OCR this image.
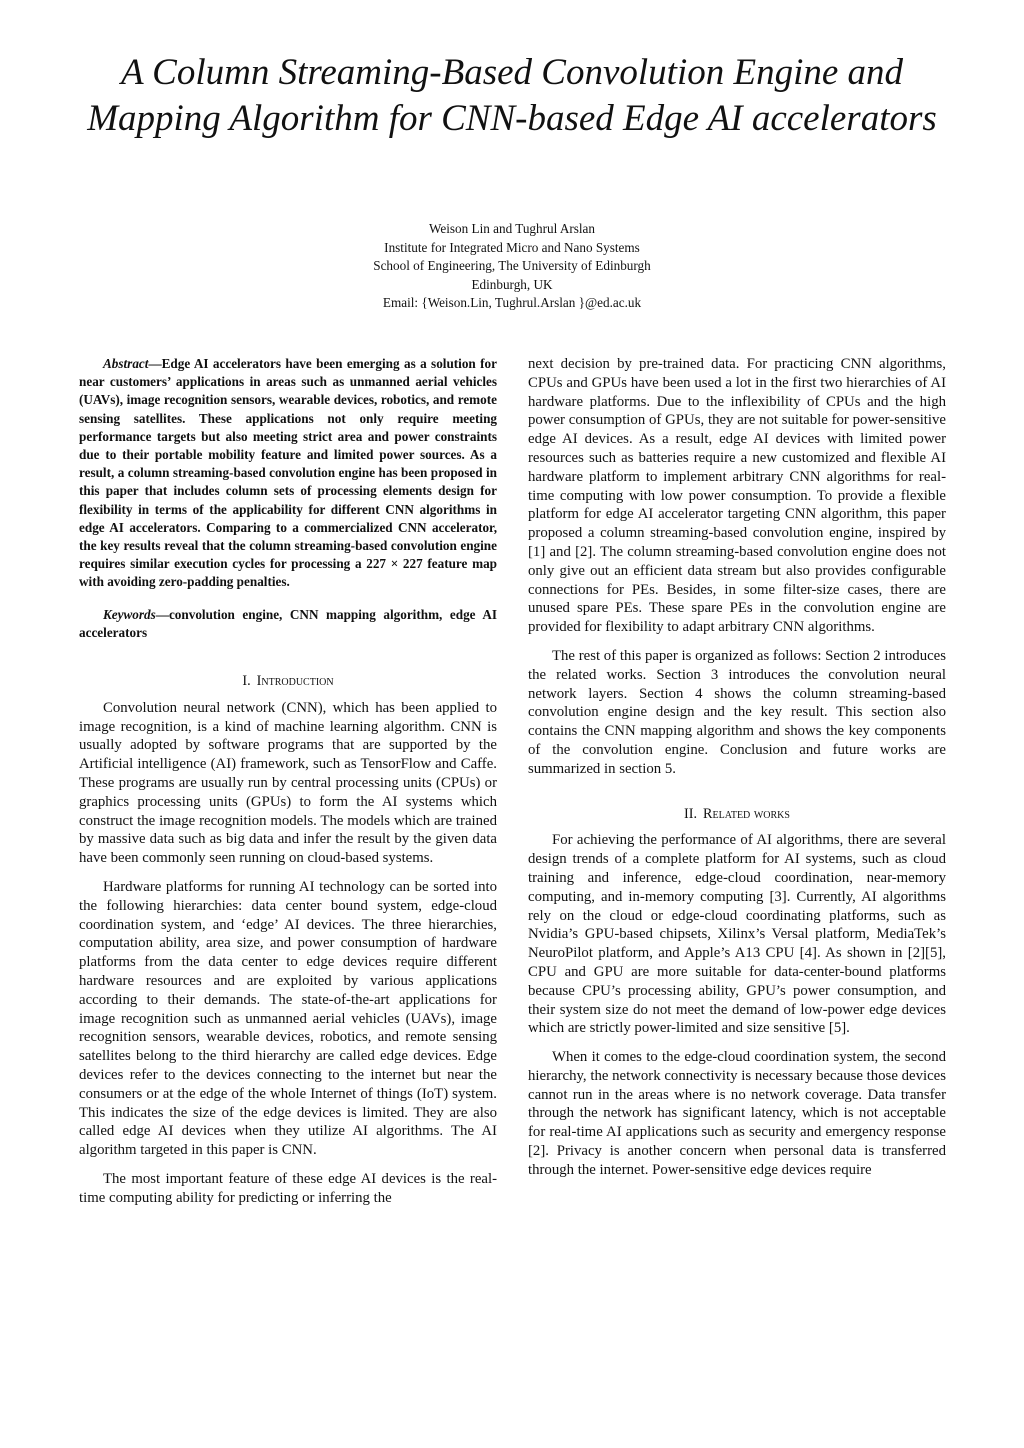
A Column Streaming-Based Convolution Engine and Mapping Algorithm for CNN-based Edge AI accelerators
Weison Lin and Tughrul Arslan
Institute for Integrated Micro and Nano Systems
School of Engineering, The University of Edinburgh
Edinburgh, UK
Email: {Weison.Lin, Tughrul.Arslan }@ed.ac.uk

Abstract—Edge AI accelerators have been emerging as a solution for near customers’ applications in areas such as unmanned aerial vehicles (UAVs), image recognition sensors, wearable devices, robotics, and remote sensing satellites. These applications not only require meeting performance targets but also meeting strict area and power constraints due to their portable mobility feature and limited power sources. As a result, a column streaming-based convolution engine has been proposed in this paper that includes column sets of processing elements design for flexibility in terms of the applicability for different CNN algorithms in edge AI accelerators. Comparing to a commercialized CNN accelerator, the key results reveal that the column streaming-based convolution engine requires similar execution cycles for processing a 227 × 227 feature map with avoiding zero-padding penalties.

Keywords—convolution engine, CNN mapping algorithm, edge AI accelerators

I. Introduction

Convolution neural network (CNN), which has been applied to image recognition, is a kind of machine learning algorithm. CNN is usually adopted by software programs that are supported by the Artificial intelligence (AI) framework, such as TensorFlow and Caffe. These programs are usually run by central processing units (CPUs) or graphics processing units (GPUs) to form the AI systems which construct the image recognition models. The models which are trained by massive data such as big data and infer the result by the given data have been commonly seen running on cloud-based systems.

Hardware platforms for running AI technology can be sorted into the following hierarchies: data center bound system, edge-cloud coordination system, and ‘edge’ AI devices. The three hierarchies, computation ability, area size, and power consumption of hardware platforms from the data center to edge devices require different hardware resources and are exploited by various applications according to their demands. The state-of-the-art applications for image recognition such as unmanned aerial vehicles (UAVs), image recognition sensors, wearable devices, robotics, and remote sensing satellites belong to the third hierarchy are called edge devices. Edge devices refer to the devices connecting to the internet but near the consumers or at the edge of the whole Internet of things (IoT) system. This indicates the size of the edge devices is limited. They are also called edge AI devices when they utilize AI algorithms. The AI algorithm targeted in this paper is CNN.

The most important feature of these edge AI devices is the real-time computing ability for predicting or inferring the

next decision by pre-trained data. For practicing CNN algorithms, CPUs and GPUs have been used a lot in the first two hierarchies of AI hardware platforms. Due to the inflexibility of CPUs and the high power consumption of GPUs, they are not suitable for power-sensitive edge AI devices. As a result, edge AI devices with limited power resources such as batteries require a new customized and flexible AI hardware platform to implement arbitrary CNN algorithms for real-time computing with low power consumption. To provide a flexible platform for edge AI accelerator targeting CNN algorithm, this paper proposed a column streaming-based convolution engine, inspired by [1] and [2]. The column streaming-based convolution engine does not only give out an efficient data stream but also provides configurable connections for PEs. Besides, in some filter-size cases, there are unused spare PEs. These spare PEs in the convolution engine are provided for flexibility to adapt arbitrary CNN algorithms.

The rest of this paper is organized as follows: Section 2 introduces the related works. Section 3 introduces the convolution neural network layers. Section 4 shows the column streaming-based convolution engine design and the key result. This section also contains the CNN mapping algorithm and shows the key components of the convolution engine. Conclusion and future works are summarized in section 5.

II. Related works

For achieving the performance of AI algorithms, there are several design trends of a complete platform for AI systems, such as cloud training and inference, edge-cloud coordination, near-memory computing, and in-memory computing [3]. Currently, AI algorithms rely on the cloud or edge-cloud coordinating platforms, such as Nvidia’s GPU-based chipsets, Xilinx’s Versal platform, MediaTek’s NeuroPilot platform, and Apple’s A13 CPU [4]. As shown in [2][5], CPU and GPU are more suitable for data-center-bound platforms because CPU’s processing ability, GPU’s power consumption, and their system size do not meet the demand of low-power edge devices which are strictly power-limited and size sensitive [5].

When it comes to the edge-cloud coordination system, the second hierarchy, the network connectivity is necessary because those devices cannot run in the areas where is no network coverage. Data transfer through the network has significant latency, which is not acceptable for real-time AI applications such as security and emergency response [2]. Privacy is another concern when personal data is transferred through the internet. Power-sensitive edge devices require
